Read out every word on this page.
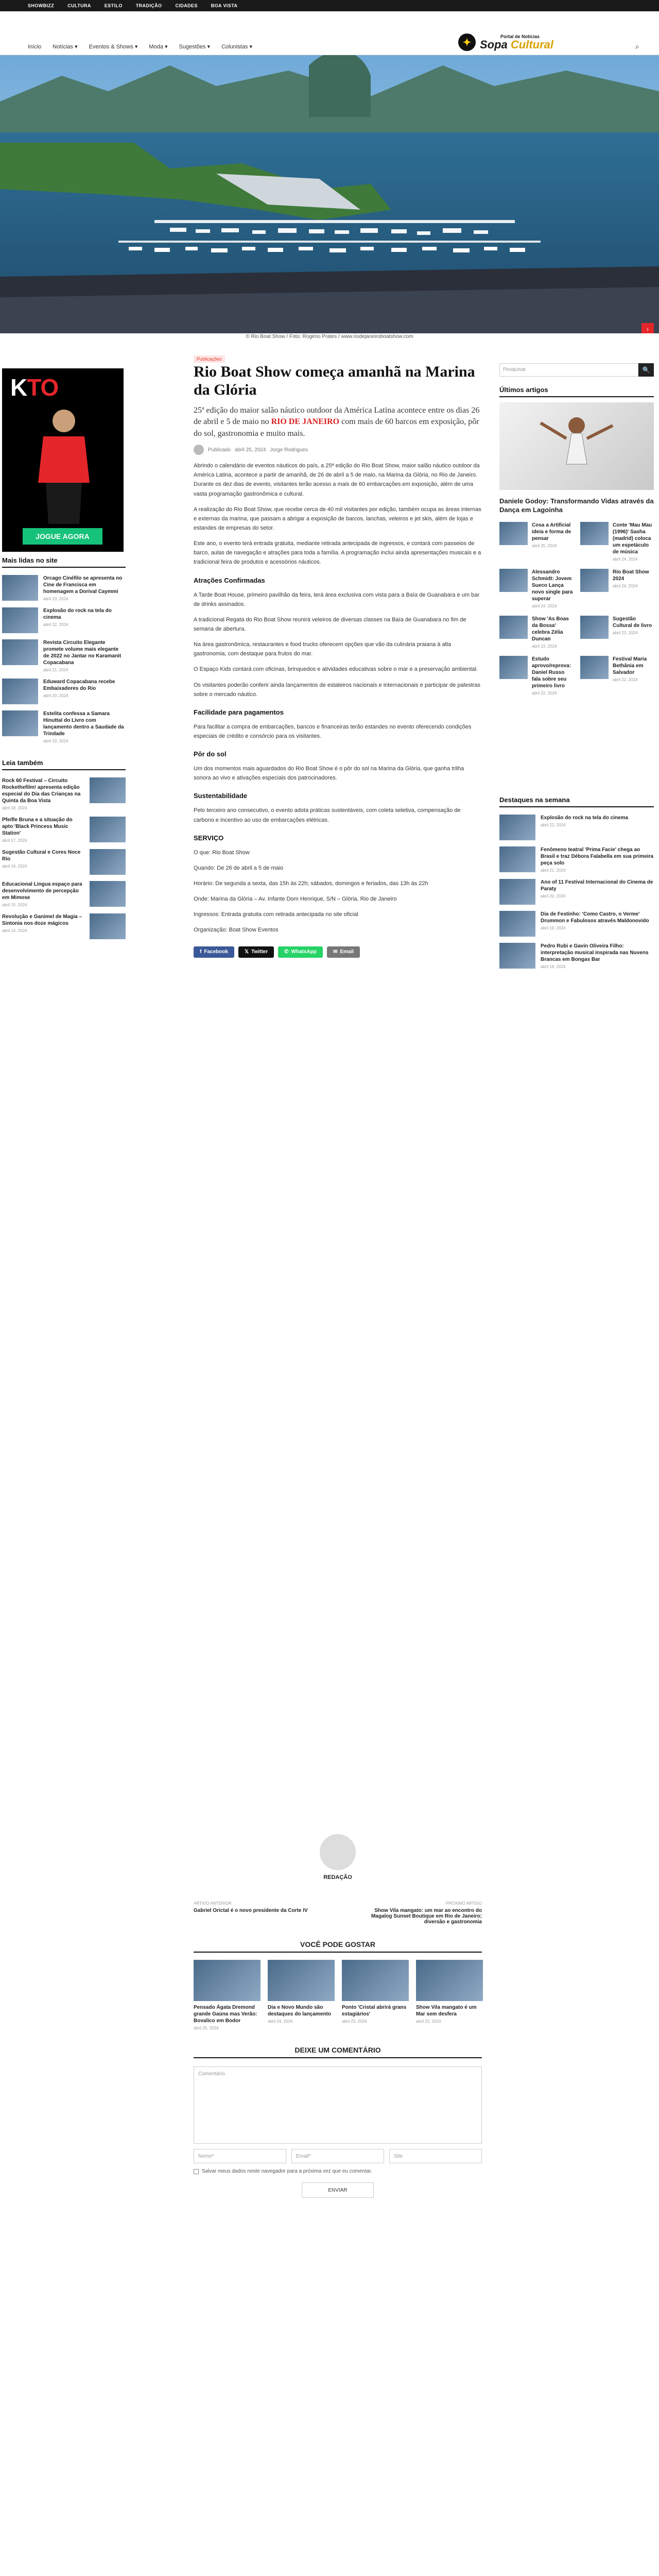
SHOWBIZZ	CULTURA	ESTILO	TRADIÇÃO	CIDADES	BOA VISTA
Início Notícias ▾ Eventos & Shows ▾ Moda ▾ Sugestões ▾ Colunistas ▾	✦
Portal de Notícias
Sopa Cultural	⌕
›
© Rio Boat Show / Foto: Rogério Prates / www.riodejaneiroboatshow.com
Publicações
KTO
JOGUE AGORA
Rio Boat Show começa amanhã na Marina da Glória

25ª edição do maior salão náutico outdoor da América Latina acontece entre os dias 26 de abril e 5 de maio no RIO DE JANEIRO com mais de 60 barcos em exposição, pôr do sol, gastronomia e muito mais.

Publicado abril 25, 2024 Jorge Rodrigues

Abrindo o calendário de eventos náuticos do país, a 25ª edição do Rio Boat Show, maior salão náutico outdoor da América Latina, acontece a partir de amanhã, de 26 de abril a 5 de maio, na Marina da Glória, no Rio de Janeiro. Durante os dez dias de evento, visitantes terão acesso a mais de 60 embarcações em exposição, além de uma vasta programação gastronômica e cultural.

A realização do Rio Boat Show, que recebe cerca de 40 mil visitantes por edição, também ocupa as áreas internas e externas da marina, que passam a abrigar a exposição de barcos, lanchas, veleiros e jet skis, além de lojas e estandes de empresas do setor.

Este ano, o evento terá entrada gratuita, mediante retirada antecipada de ingressos, e contará com passeios de barco, aulas de navegação e atrações para toda a família. A programação inclui ainda apresentações musicais e a tradicional feira de produtos e acessórios náuticos.

Atrações Confirmadas

A Tarde Boat House, primeiro pavilhão da feira, terá área exclusiva com vista para a Baía de Guanabara e um bar de drinks assinados.

A tradicional Regata do Rio Boat Show reunirá veleiros de diversas classes na Baía de Guanabara no fim de semana de abertura.

Na área gastronômica, restaurantes e food trucks oferecem opções que vão da culinária praiana à alta gastronomia, com destaque para frutos do mar.

O Espaço Kids contará com oficinas, brinquedos e atividades educativas sobre o mar e a preservação ambiental.

Os visitantes poderão conferir ainda lançamentos de estaleiros nacionais e internacionais e participar de palestras sobre o mercado náutico.

Facilidade para pagamentos

Para facilitar a compra de embarcações, bancos e financeiras terão estandes no evento oferecendo condições especiais de crédito e consórcio para os visitantes.

Pôr do sol

Um dos momentos mais aguardados do Rio Boat Show é o pôr do sol na Marina da Glória, que ganha trilha sonora ao vivo e ativações especiais dos patrocinadores.

Sustentabilidade

Pelo terceiro ano consecutivo, o evento adota práticas sustentáveis, com coleta seletiva, compensação de carbono e incentivo ao uso de embarcações elétricas.

SERVIÇO

O que: Rio Boat Show

Quando: De 26 de abril a 5 de maio

Horário: De segunda a sexta, das 15h às 22h; sábados, domingos e feriados, das 13h às 22h

Onde: Marina da Glória – Av. Infante Dom Henrique, S/N – Glória, Rio de Janeiro

Ingressos: Entrada gratuita com retirada antecipada no site oficial

Organização: Boat Show Eventos

f Facebook	𝕏 Twitter	✆ WhatsApp	✉ Email
Pesquisar	🔍
Últimos artigos
Daniele Godoy: Transformando Vidas através da Dança em Lagoinha
Cosa a Artificial ideia e forma de pensar
abril 25, 2024
Conte 'Mau Mau (1996)' Sasha (madrid) coloca um espetáculo de música
abril 24, 2024
Alessandro Schmidt: Jovem Sueco Lança novo single para superar
abril 24, 2024
Rio Boat Show 2024
abril 24, 2024
Show 'As Boas da Bossa' celebra Zélia Duncan
abril 23, 2024
Sugestão Cultural de livro
abril 23, 2024
Estudo aprovo/reprova: Daniel Russo fala sobre seu primeiro livro
abril 22, 2024
Festival Maria Bethânia em Salvador
abril 22, 2024
Destaques na semana
Explosão do rock na tela do cinema
abril 22, 2024
Fenômeno teatral 'Prima Facie' chega ao Brasil e traz Débora Falabella em sua primeira peça solo
abril 21, 2024
Ano of 11 Festival Internacional do Cinema de Paraty
abril 20, 2024
Dia de Festinho: 'Como Castro, o Verme' Drummon e Fabulosos através Maldonovido
abril 19, 2024
Pedro Rubi e Gavin Oliveira Filho: interpretação musical inspirada nas Nuvens Brancas em Bongas Bar
abril 18, 2024
Mais lidas no site
Orcago Cinéfilo se apresenta no Cine de Francisca em homenagem a Dorival Caymmi
abril 23, 2024
Explosão do rock na tela do cinema
abril 22, 2024
Revista Circuito Elegante promete volume mais elegante de 2022 no Jantar no Karamanit Copacabana
abril 21, 2024
Eduward Copacabana recebe Embaixadores do Rio
abril 20, 2024
Estelita confessa a Samara Hinuttal do Livro com lançamento dentro a Saudade da Trindade
abril 19, 2024
Leia também
Rock 60 Festival – Circuito Rockethefilm! apresenta edição especial do Dia das Crianças na Quinta da Boa Vista
abril 18, 2024
Pfeifle Bruna e a situação do apto 'Black Princess Music Station'
abril 17, 2024
Sugestão Cultural e Cores Noce Rio
abril 16, 2024
Educacional Lingua espaço para desenvolvimento de percepção em Mimose
abril 15, 2024
Revolução e Ganimel de Magia – Sintonia nos doze mágicos
abril 14, 2024
REDAÇÃO
ARTIGO ANTERIOR
Gabriel Orictal é o novo presidente da Corte IV
PRÓXIMO ARTIGO
Show Vila mangato: um mar ao encontro do Magalog Sunset Boutique em Rio de Janeiro; diversão e gastronomia
VOCÊ PODE GOSTAR
Pensado Ágata Dremond grande Gaúna mas Verão: Bovalico em Bodor
abril 25, 2024
Dia e Novo Mundo são destaques do lançamento
abril 24, 2024
Ponto 'Cristal abrirá grans estagiários'
abril 23, 2024
Show Vila mangato é um Mar sem desfera
abril 22, 2024
DEIXE UM COMENTÁRIO
Comentário
Nome*	Email*	Site
Salvar meus dados neste navegador para a próxima vez que eu comentar.
ENVIAR
